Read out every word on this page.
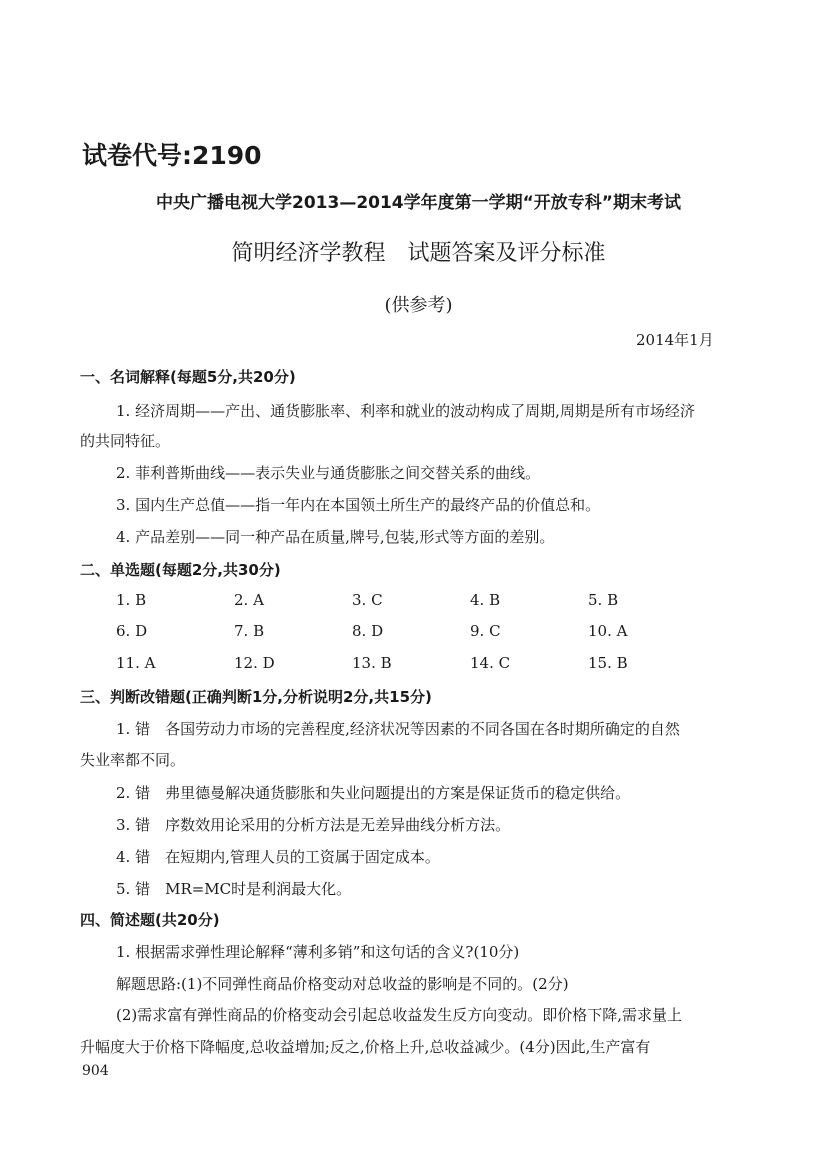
试卷代号:2190
中央广播电视大学2013—2014学年度第一学期“开放专科”期末考试
简明经济学教程 试题答案及评分标准
(供参考)
2014年1月
一、名词解释(每题5分,共20分)
1. 经济周期——产出、通货膨胀率、利率和就业的波动构成了周期,周期是所有市场经济
的共同特征。
2. 菲利普斯曲线——表示失业与通货膨胀之间交替关系的曲线。
3. 国内生产总值——指一年内在本国领土所生产的最终产品的价值总和。
4. 产品差别——同一种产品在质量,牌号,包装,形式等方面的差别。
二、单选题(每题2分,共30分)
1. B	2. A	3. C	4. B	5. B
6. D	7. B	8. D	9. C	10. A
11. A	12. D	13. B	14. C	15. B
三、判断改错题(正确判断1分,分析说明2分,共15分)
1. 错　各国劳动力市场的完善程度,经济状况等因素的不同各国在各时期所确定的自然
失业率都不同。
2. 错　弗里德曼解决通货膨胀和失业问题提出的方案是保证货币的稳定供给。
3. 错　序数效用论采用的分析方法是无差异曲线分析方法。
4. 错　在短期内,管理人员的工资属于固定成本。
5. 错　MR=MC时是利润最大化。
四、简述题(共20分)
1. 根据需求弹性理论解释“薄利多销”和这句话的含义?(10分)
解题思路:(1)不同弹性商品价格变动对总收益的影响是不同的。(2分)
(2)需求富有弹性商品的价格变动会引起总收益发生反方向变动。即价格下降,需求量上
升幅度大于价格下降幅度,总收益增加;反之,价格上升,总收益减少。(4分)因此,生产富有
904
